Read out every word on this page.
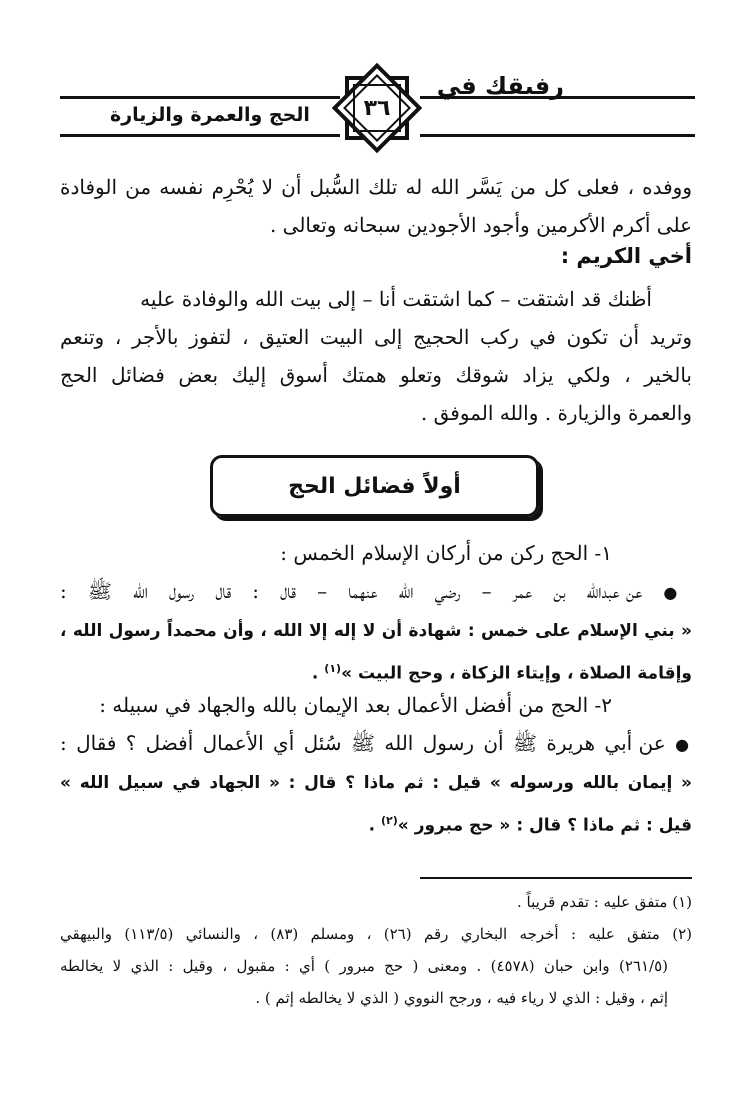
رفيقك في
الحج والعمرة والزيارة	٣٦
ووفده ، فعلى كل من يَسَّر الله له تلك السُّبل أن لا يُحْرِم نفسه من الوفادة
على أكرم الأكرمين وأجود الأجودين سبحانه وتعالى .
أخي الكريم :
أظنك قد اشتقت – كما اشتقت أنا – إلى بيت الله والوفادة عليه
وتريد أن تكون في ركب الحجيج إلى البيت العتيق ، لتفوز بالأجر ، وتنعم
بالخير ، ولكي يزاد شوقك وتعلو همتك أسوق إليك بعض فضائل الحج
والعمرة والزيارة . والله الموفق .
أولاً فضائل الحج
١- الحج ركن من أركان الإسلام الخمس :
● عن عبدالله بن عمر – رضي الله عنهما – قال : قال رسول الله ﷺ :
« بني الإسلام على خمس : شهادة أن لا إله إلا الله ، وأن محمداً رسول الله ،
وإقامة الصلاة ، وإيتاء الزكاة ، وحج البيت »$^{(١)}$ .
٢- الحج من أفضل الأعمال بعد الإيمان بالله والجهاد في سبيله :
● عن أبي هريرة ﷺ أن رسول الله ﷺ سُئل أي الأعمال أفضل ؟ فقال :
« إيمان بالله ورسوله » قيل : ثم ماذا ؟ قال : « الجهاد في سبيل الله »
قيل : ثم ماذا ؟ قال : « حج مبرور »$^{(٢)}$ .
(١) متفق عليه : تقدم قريباً .
(٢) متفق عليه : أخرجه البخاري رقم (٢٦) ، ومسلم (٨٣) ، والنسائي (١١٣/٥) والبيهقي
(٢٦١/٥) وابن حبان (٤٥٧٨) . ومعنى ( حج مبرور ) أي : مقبول ، وقيل : الذي لا يخالطه
إثم ، وقيل : الذي لا رياء فيه ، ورجح النووي ( الذي لا يخالطه إثم ) .
